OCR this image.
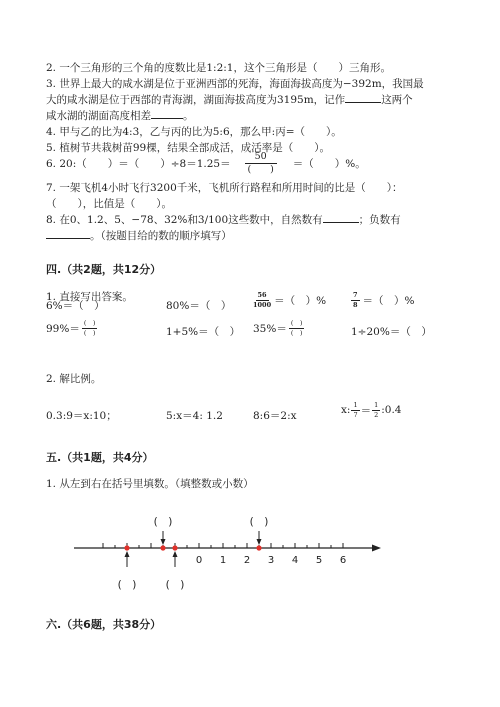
2. 一个三角形的三个角的度数比是1:2:1，这个三角形是（　　）三角形。
3. 世界上最大的咸水湖是位于亚洲西部的死海，海面海拔高度为−392m，我国最
大的咸水湖是位于西部的青海湖，湖面海拔高度为3195m，记作	这两个
咸水湖的湖面高度相差	。
4. 甲与乙的比为4:3，乙与丙的比为5:6，那么甲:丙=（　　）。
5. 植树节共栽树苗99棵，结果全部成活，成活率是（　　）。
6. 20:（　　）＝（　　）$\div 8=1.25= \frac{50}{( )}$ ＝（　　）%。
7. 一架飞机4小时飞行3200千米，飞机所行路程和所用时间的比是（　　）：
（　　），比值是（　　）。
8. 在0、1.2、5、−78、32%和3/100这些数中，自然数有	；负数有
。（按题目给的数的顺序填写）
四.（共2题，共12分）
1. 直接写出答案。
6%＝（　）	80%＝（　）	$\frac{56}{1000}$ ＝（　）%	$\frac{7}{8}$ ＝（　）%
$99\%= \frac{( )}{( )}$	1+5%＝（　） $35\%= \frac{( )}{( )}$	1÷20%＝（　）
2. 解比例。
0.3:9＝x:10；	5:x＝4: 1.2	8:6＝2:x	x: $\frac{1}{7} = \frac{1}{2}$ :0.4
五.（共1题，共4分）
1. 从左到右在括号里填数。（填整数或小数）
0 1 2 3 4 5 6
(　)
(　)
(　)
(　)
六.（共6题，共38分）
